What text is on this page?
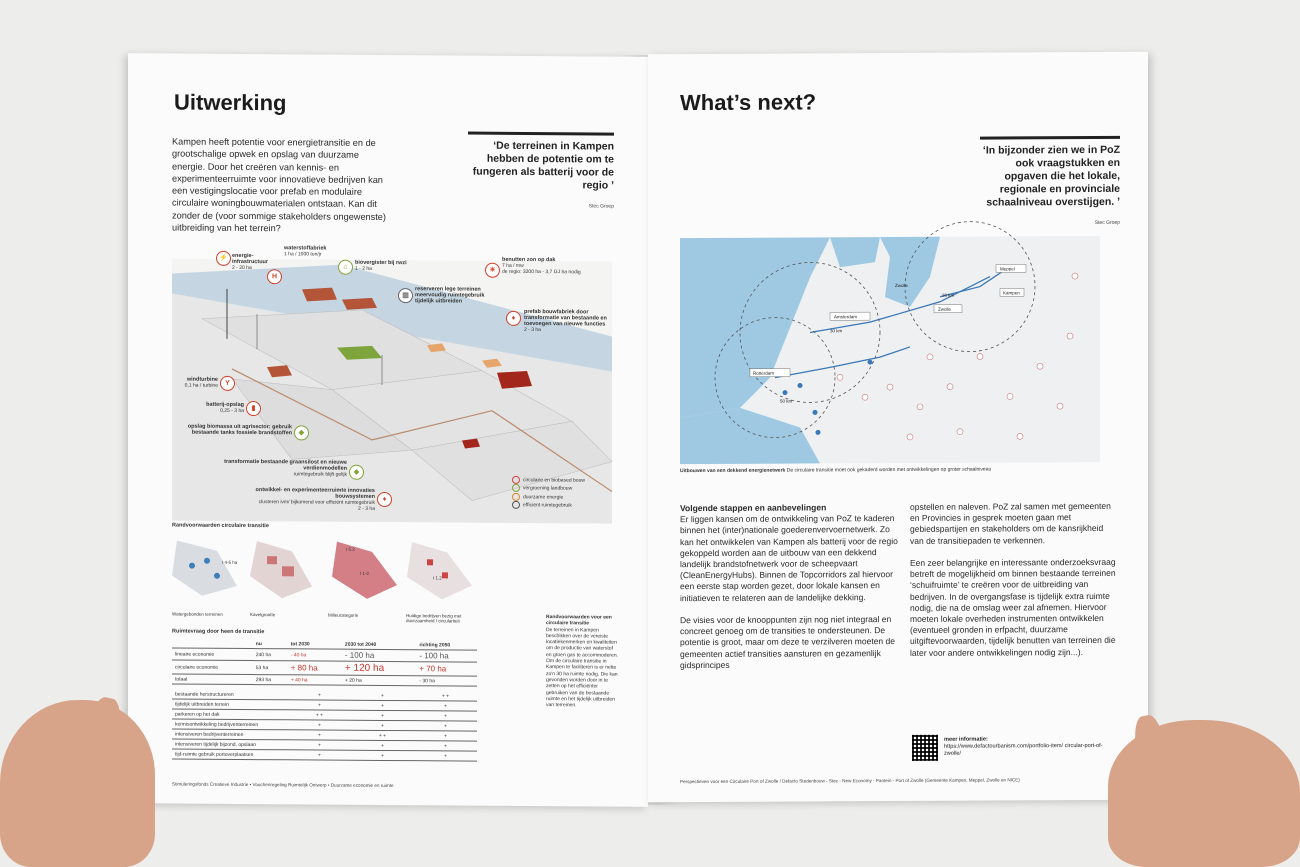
Uitwerking
Kampen heeft potentie voor energietransitie en de grootschalige opwek en opslag van duurzame energie. Door het creëren van kennis- en experimenteerruimte voor innovatieve bedrijven kan een vestigingslocatie voor prefab en modulaire circulaire woningbouwmaterialen ontstaan. Kan dit zonder de (voor sommige stakeholders ongewenste) uitbreiding van het terrein?
‘De terreinen in Kampen hebben de potentie om te fungeren als batterij voor de regio ’
Stec Groep
⚡
H
⌂
▥
☀
♦
Y
▮
◆
◆
♦
energie-infrastructuur
2 - 20 ha
waterstoffabriek
1 ha / 1000 ton/jr
biovergister bij rwzi
1 - 2 ha
reserveren lege terreinen meervoudig ruimtegebruik tijdelijk uitbreiden
benutten zon op dak
7 ha / mw
de regio: 3200 ha - 3,7 GJ ha nodig
prefab bouwfabriek door transformatie van bestaande en toevoegen van nieuwe functies
2 - 3 ha
windturbine
0,1 ha / turbine
batterij-opslag
0,25 - 3 ha
opslag biomassa uit agrisector: gebruik bestaande tanks fossiele brandstoffen
transformatie bestaande graansilost en nieuwe verdienmodellen
ruimtegebruik blijft gelijk
ontwikkel- en experimenteerruimte innovaties bouwsystemen
clusteren ivm/ bijkomend voor efficiënt ruimtegebruik
2 - 3 ha
circulaire en biobased bouw
vergroening landbouw
duurzame energie
efficiënt ruimtegebruik
Randvoorwaarden circulaire transitie
t 4-5 ha
t 5.2
t 1-2
t 1.2
Watergebonden terreinen	Kavelgrootte	Milieucategorie	Huidige bedrijven bezig met duurzaamheid / circulariteit
Ruimtevraag door heen de transitie
	nu	tot 2030	2030 tot 2040	richting 2050
lineaire economie	240 ha	- 40 ha	- 100 ha	- 100 ha
circulaire economie	53 ha	+ 80 ha	+ 120 ha	+ 70 ha
totaal	293 ha	+ 40 ha	+ 20 ha	- 30 ha
bestaande herstructureren	+	+	+ +
tijdelijk uitbreiden terrein	+	+	+
parkeren op het dak	+ +	+	+
kennisontwikkeling bedrijventerreinen	+	+	+
intensiveren bedrijventerreinen	+	+ +	+
intensiveren tijdelijk bijzond. opslaan	+	+	+
tijd-ruimte gebruik portoverplaatsen	+	+	+
Randvoorwaarden voor een circulaire transitie
De terreinen in Kampen beschikken over de vereiste locatiekenmerken en kwaliteiten om de productie van waterstof en groen gas te accommoderen. Om de circulaire transitie in Kampen te faciliteren is er nette zo'n 30 ha ruimte nodig. Die kan gevonden worden door in te zetten op het efficiënter gebruiken van de bestaande ruimte en het tijdelijk uitbreiden van terreinen.
Stimuleringsfonds Creatieve Industrie • Vouchenregeling Ruimtelijk Ontwerp • Duurzame economie en ruimte
What’s next?
‘In bijzonder zien we in PoZ ook vraagstukken en opgaven die het lokale, regionale en provinciale schaalniveau overstijgen. ’
Stec Groep
Amsterdam
Rotterdam
Zwolle
Meppel
Kampen
Zwolle
30 km
30 km
50 km
Uitbouwen van een dekkend energienetwerk De circulaire transitie moet ook gekaderd worden met ontwikkelingen op groter schaalniveau
Volgende stappen en aanbevelingen
Er liggen kansen om de ontwikkeling van PoZ te kaderen binnen het (inter)nationale goederenvervoernetwerk. Zo kan het ontwikkelen van Kampen als batterij voor de regio gekoppeld worden aan de uitbouw van een dekkend landelijk brandstofnetwerk voor de scheepvaart (CleanEnergyHubs). Binnen de Topcorridors zal hiervoor een eerste stap worden gezet, door lokale kansen en initiatieven te relateren aan de landelijke dekking.

De visies voor de knooppunten zijn nog niet integraal en concreet genoeg om de transities te ondersteunen. De potentie is groot, maar om deze te verzilveren moeten de gemeenten actief transities aansturen en gezamenlijk gidsprincipes
opstellen en naleven. PoZ zal samen met gemeenten en Provincies in gesprek moeten gaan met gebiedspartijen en stakeholders om de kansrijkheid van de transitiepaden te verkennen.

Een zeer belangrijke en interessante onderzoeksvraag betreft de mogelijkheid om binnen bestaande terreinen ‘schuifruimte’ te creëren voor de uitbreiding van bedrijven. In de overgangsfase is tijdelijk extra ruimte nodig, die na de omslag weer zal afnemen. Hiervoor moeten lokale overheden instrumenten ontwikkelen (eventueel gronden in erfpacht, duurzame uitgiftevoorwaarden, tijdelijk benutten van terreinen die later voor andere ontwikkelingen nodig zijn...).
meer informatie:
https://www.defactourbanism.com/portfolio-item/ circular-port-of-zwolle/
Perspectieven voor een Circulaire Port of Zwolle / Defacto Stedenbouw - Stec - New Economy - Pantein - Port of Zwolle (Gemeente Kampen, Meppel, Zwolle en NICE)
